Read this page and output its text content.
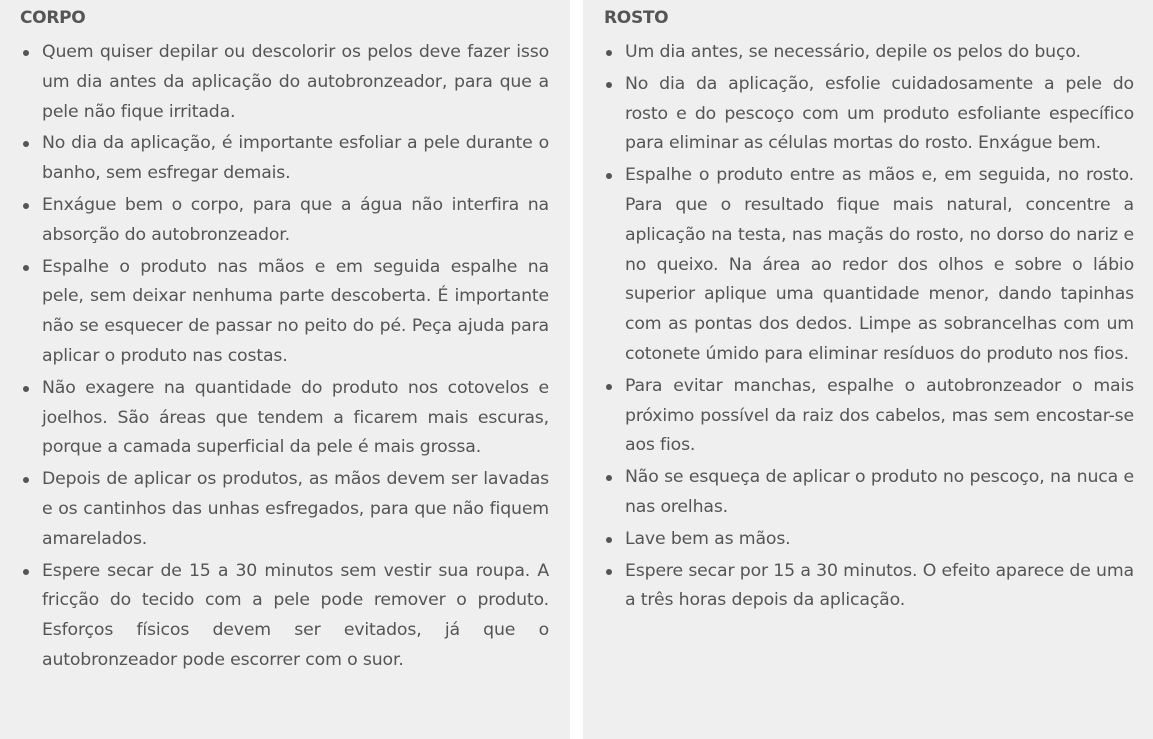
CORPO
Quem quiser depilar ou descolorir os pelos deve fazer isso um dia antes da aplicação do autobronzeador, para que a pele não fique irritada.
No dia da aplicação, é importante esfoliar a pele durante o banho, sem esfregar demais.
Enxágue bem o corpo, para que a água não interfira na absorção do autobronzeador.
Espalhe o produto nas mãos e em seguida espalhe na pele, sem deixar nenhuma parte descoberta. É importante não se esquecer de passar no peito do pé. Peça ajuda para aplicar o produto nas costas.
Não exagere na quantidade do produto nos cotovelos e joelhos. São áreas que tendem a ficarem mais escuras, porque a camada superficial da pele é mais grossa.
Depois de aplicar os produtos, as mãos devem ser lavadas e os cantinhos das unhas esfregados, para que não fiquem amarelados.
Espere secar de 15 a 30 minutos sem vestir sua roupa. A fricção do tecido com a pele pode remover o produto. Esforços físicos devem ser evitados, já que o autobronzeador pode escorrer com o suor.
ROSTO
Um dia antes, se necessário, depile os pelos do buço.
No dia da aplicação, esfolie cuidadosamente a pele do rosto e do pescoço com um produto esfoliante específico para eliminar as células mortas do rosto. Enxágue bem.
Espalhe o produto entre as mãos e, em seguida, no rosto. Para que o resultado fique mais natural, concentre a aplicação na testa, nas maçãs do rosto, no dorso do nariz e no queixo. Na área ao redor dos olhos e sobre o lábio superior aplique uma quantidade menor, dando tapinhas com as pontas dos dedos. Limpe as sobrancelhas com um cotonete úmido para eliminar resíduos do produto nos fios.
Para evitar manchas, espalhe o autobronzeador o mais próximo possível da raiz dos cabelos, mas sem encostar-se aos fios.
Não se esqueça de aplicar o produto no pescoço, na nuca e nas orelhas.
Lave bem as mãos.
Espere secar por 15 a 30 minutos. O efeito aparece de uma a três horas depois da aplicação.
